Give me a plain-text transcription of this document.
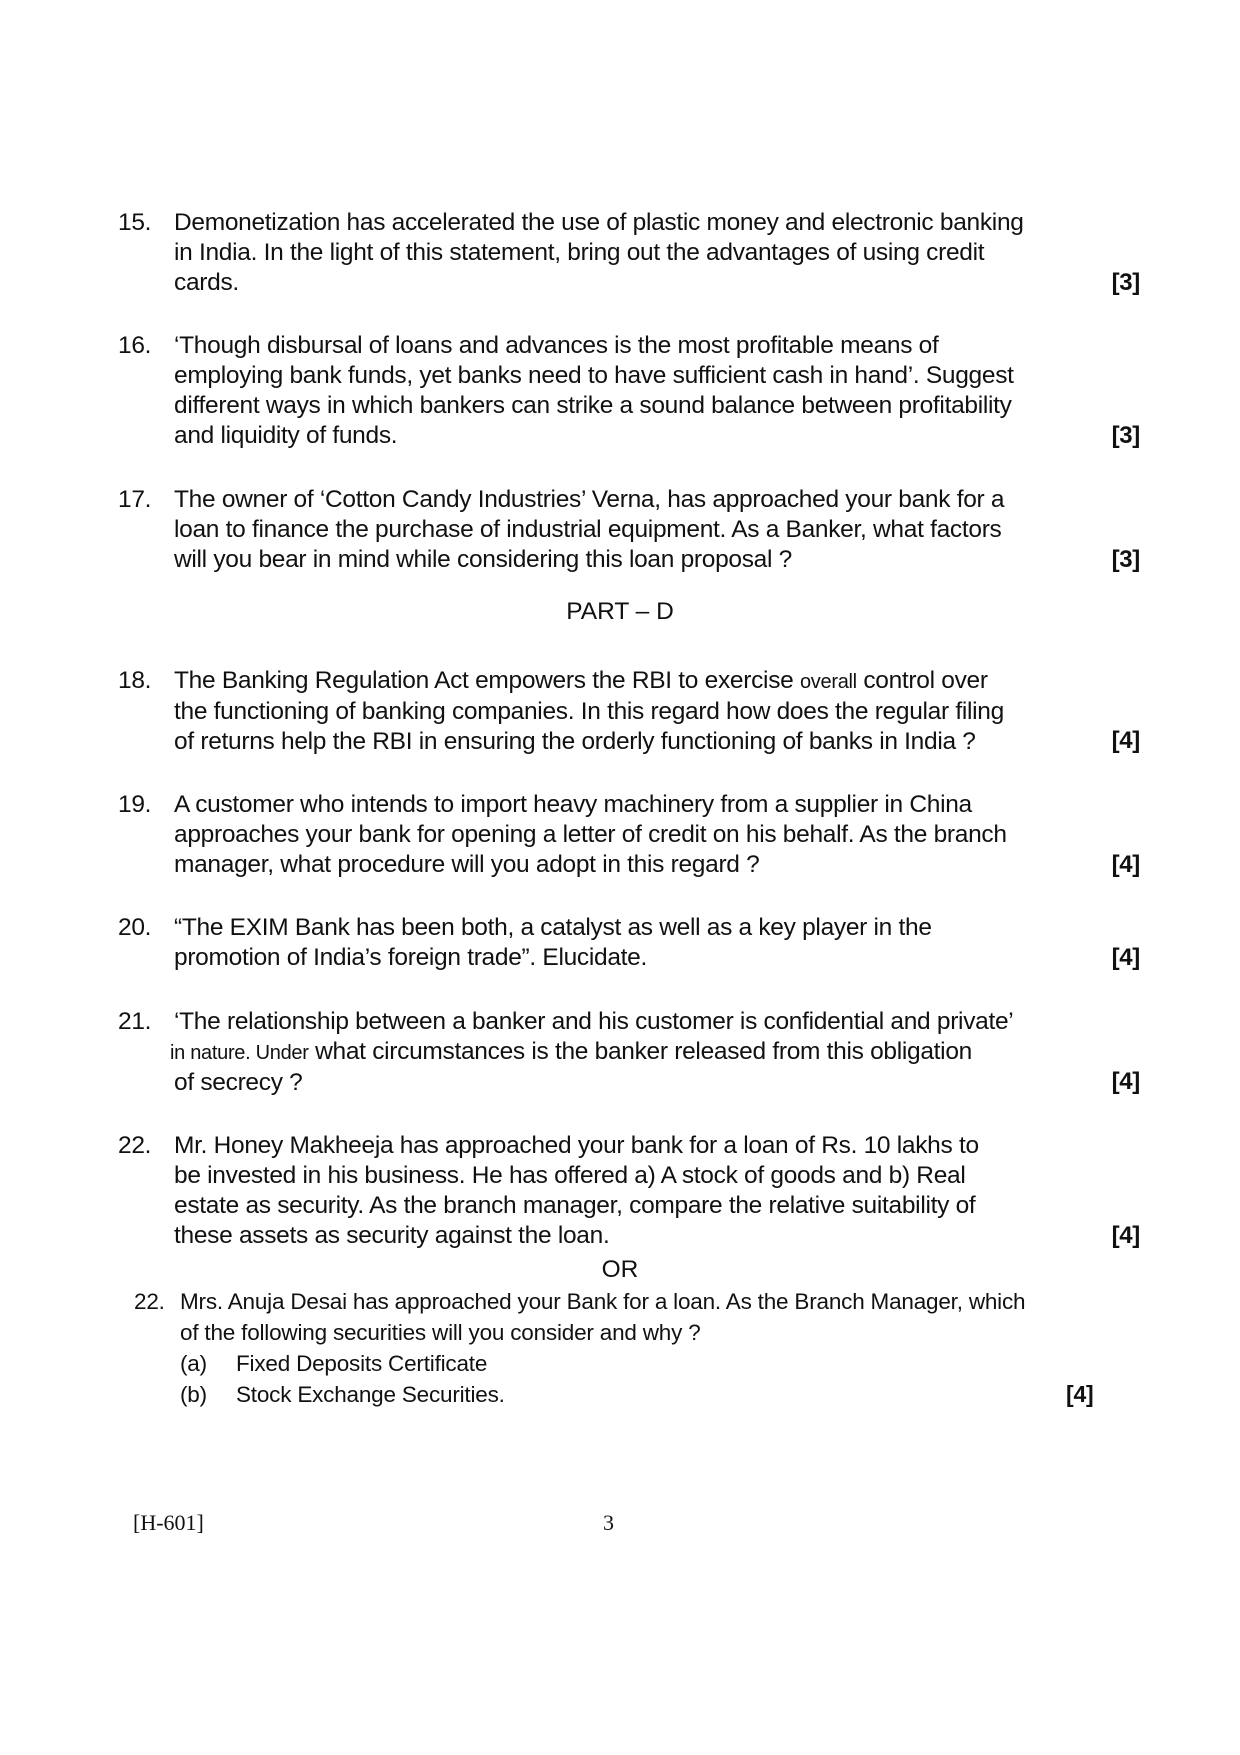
15. Demonetization has accelerated the use of plastic money and electronic banking
in India. In the light of this statement, bring out the advantages of using credit
cards.	[3]
16. ‘Though disbursal of loans and advances is the most profitable means of
employing bank funds, yet banks need to have sufficient cash in hand’. Suggest
different ways in which bankers can strike a sound balance between profitability
and liquidity of funds.	[3]
17. The owner of ‘Cotton Candy Industries’ Verna, has approached your bank for a
loan to finance the purchase of industrial equipment. As a Banker, what factors
will you bear in mind while considering this loan proposal ?	[3]
PART – D
18. The Banking Regulation Act empowers the RBI to exercise overall control over
the functioning of banking companies. In this regard how does the regular filing
of returns help the RBI in ensuring the orderly functioning of banks in India ?	[4]
19. A customer who intends to import heavy machinery from a supplier in China
approaches your bank for opening a letter of credit on his behalf. As the branch
manager, what procedure will you adopt in this regard ?	[4]
20. “The EXIM Bank has been both, a catalyst as well as a key player in the
promotion of India’s foreign trade”. Elucidate.	[4]
21. ‘The relationship between a banker and his customer is confidential and private’
in nature. Under what circumstances is the banker released from this obligation
of secrecy ?	[4]
22. Mr. Honey Makheeja has approached your bank for a loan of Rs. 10 lakhs to
be invested in his business. He has offered a) A stock of goods and b) Real
estate as security. As the branch manager, compare the relative suitability of
these assets as security against the loan.	[4]
OR
22. Mrs. Anuja Desai has approached your Bank for a loan. As the Branch Manager, which
of the following securities will you consider and why ?
(a) Fixed Deposits Certificate
(b) Stock Exchange Securities.	[4]
[H-601]	3
